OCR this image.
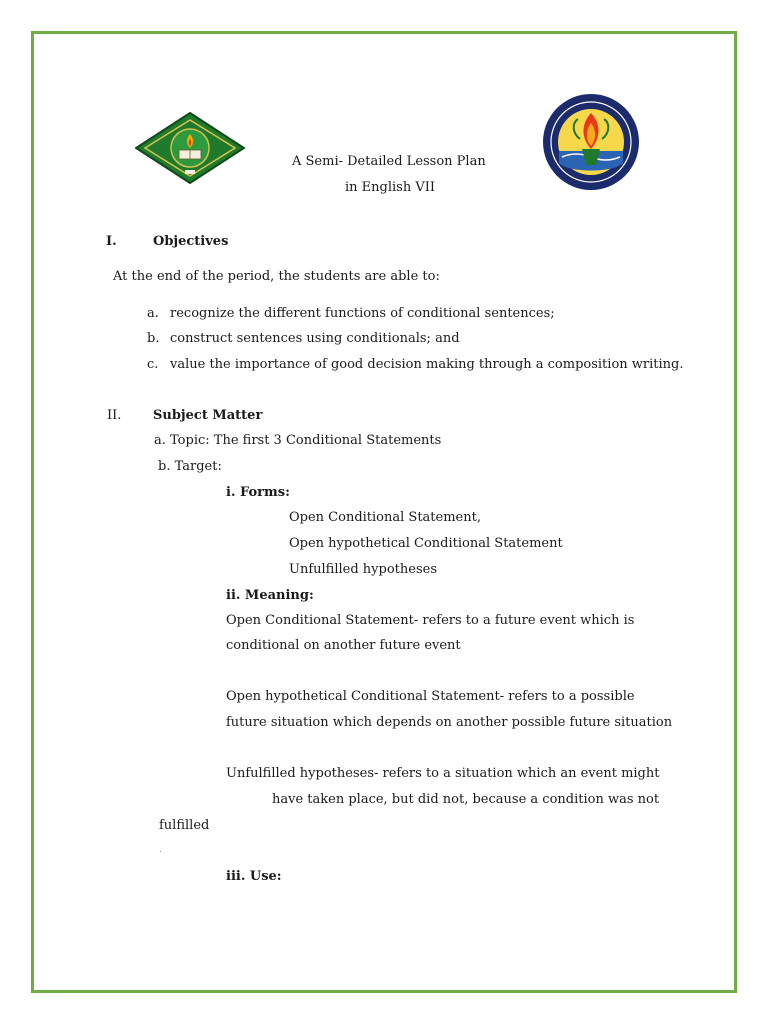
A Semi- Detailed Lesson Plan
in English VII
I.	Objectives
At the end of the period, the students are able to:
a. recognize the different functions of conditional sentences;
b. construct sentences using conditionals; and
c. value the importance of good decision making through a composition writing.
II. Subject Matter
a. Topic: The first 3 Conditional Statements
b. Target:
i. Forms:
Open Conditional Statement,
Open hypothetical Conditional Statement
Unfulfilled hypotheses
ii. Meaning:
Open Conditional Statement- refers to a future event which is
conditional on another future event
Open hypothetical Conditional Statement- refers to a possible
future situation which depends on another possible future situation
Unfulfilled hypotheses- refers to a situation which an event might
have taken place, but did not, because a condition was not
fulfilled
.
iii. Use:
